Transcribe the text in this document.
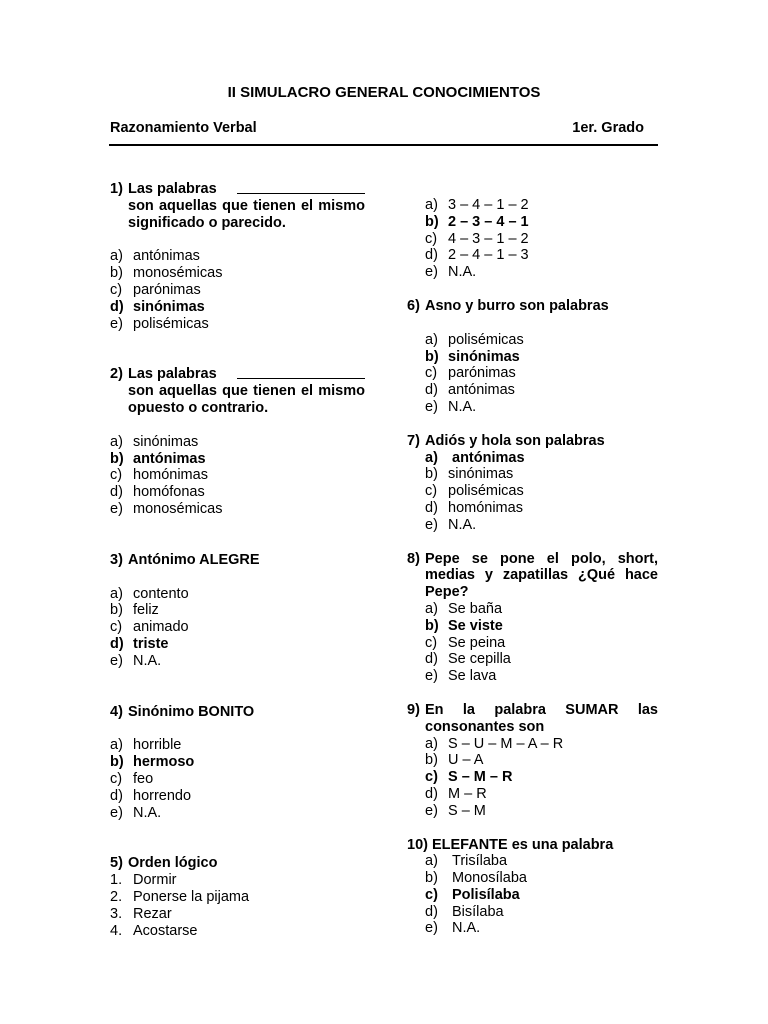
II SIMULACRO GENERAL CONOCIMIENTOS
Razonamiento Verbal	1er. Grado
1) Las palabras
son aquellas que tienen el mismo significado o parecido.
a) antónimas
b) monosémicas
c) parónimas
d) sinónimas
e) polisémicas
2) Las palabras
son aquellas que tienen el mismo opuesto o contrario.
a) sinónimas
b) antónimas
c) homónimas
d) homófonas
e) monosémicas
3) Antónimo ALEGRE
a) contento
b) feliz
c) animado
d) triste
e) N.A.
4) Sinónimo BONITO
a) horrible
b) hermoso
c) feo
d) horrendo
e) N.A.
5) Orden lógico
1. Dormir
2. Ponerse la pijama
3. Rezar
4. Acostarse
a) 3 – 4 – 1 – 2
b) 2 – 3 – 4 – 1
c) 4 – 3 – 1 – 2
d) 2 – 4 – 1 – 3
e) N.A.
6) Asno y burro son palabras
a) polisémicas
b) sinónimas
c) parónimas
d) antónimas
e) N.A.
7) Adiós y hola son palabras
a) antónimas
b) sinónimas
c) polisémicas
d) homónimas
e) N.A.
8) Pepe se pone el polo, short, medias y zapatillas ¿Qué hace Pepe?
a) Se baña
b) Se viste
c) Se peina
d) Se cepilla
e) Se lava
9) En la palabra SUMAR las consonantes son
a) S – U – M – A – R
b) U – A
c) S – M – R
d) M – R
e) S – M
10) ELEFANTE es una palabra
a) Trisílaba
b) Monosílaba
c) Polisílaba
d) Bisílaba
e) N.A.
